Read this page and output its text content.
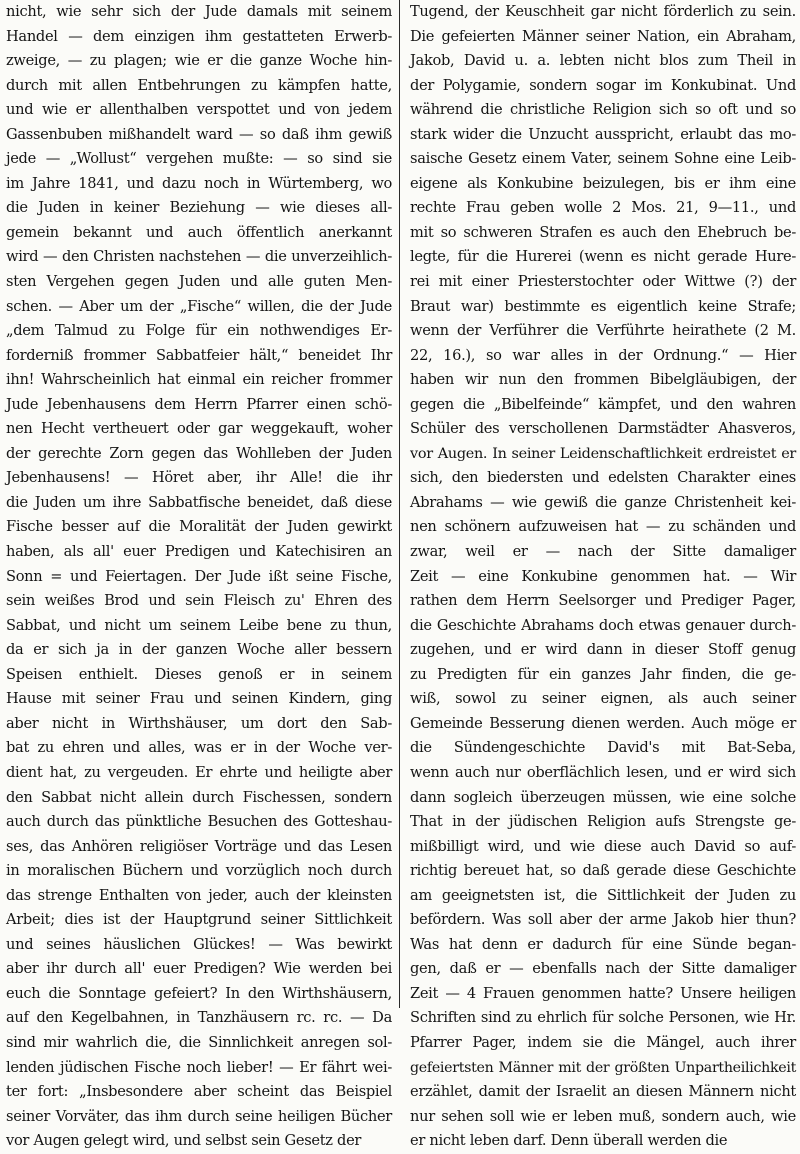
nicht, wie sehr sich der Jude damals mit seinem
Handel — dem einzigen ihm gestatteten Erwerb-
zweige, — zu plagen; wie er die ganze Woche hin-
durch mit allen Entbehrungen zu kämpfen hatte,
und wie er allenthalben verspottet und von jedem
Gassenbuben mißhandelt ward — so daß ihm gewiß
jede — „Wollust“ vergehen mußte: — so sind sie
im Jahre 1841, und dazu noch in Würtemberg, wo
die Juden in keiner Beziehung — wie dieses all-
gemein bekannt und auch öffentlich anerkannt
wird — den Christen nachstehen — die unverzeihlich-
sten Vergehen gegen Juden und alle guten Men-
schen. — Aber um der „Fische“ willen, die der Jude
„dem Talmud zu Folge für ein nothwendiges Er-
forderniß frommer Sabbatfeier hält,“ beneidet Ihr
ihn! Wahrscheinlich hat einmal ein reicher frommer
Jude Jebenhausens dem Herrn Pfarrer einen schö-
nen Hecht vertheuert oder gar weggekauft, woher
der gerechte Zorn gegen das Wohlleben der Juden
Jebenhausens! — Höret aber, ihr Alle! die ihr
die Juden um ihre Sabbatfische beneidet, daß diese
Fische besser auf die Moralität der Juden gewirkt
haben, als all' euer Predigen und Katechisiren an
Sonn = und Feiertagen. Der Jude ißt seine Fische,
sein weißes Brod und sein Fleisch zu' Ehren des
Sabbat, und nicht um seinem Leibe bene zu thun,
da er sich ja in der ganzen Woche aller bessern
Speisen enthielt. Dieses genoß er in seinem
Hause mit seiner Frau und seinen Kindern, ging
aber nicht in Wirthshäuser, um dort den Sab-
bat zu ehren und alles, was er in der Woche ver-
dient hat, zu vergeuden. Er ehrte und heiligte aber
den Sabbat nicht allein durch Fischessen, sondern
auch durch das pünktliche Besuchen des Gotteshau-
ses, das Anhören religiöser Vorträge und das Lesen
in moralischen Büchern und vorzüglich noch durch
das strenge Enthalten von jeder, auch der kleinsten
Arbeit; dies ist der Hauptgrund seiner Sittlichkeit
und seines häuslichen Glückes! — Was bewirkt
aber ihr durch all' euer Predigen? Wie werden bei
euch die Sonntage gefeiert? In den Wirthshäusern,
auf den Kegelbahnen, in Tanzhäusern rc. rc. — Da
sind mir wahrlich die, die Sinnlichkeit anregen sol-
lenden jüdischen Fische noch lieber! — Er fährt wei-
ter fort: „Insbesondere aber scheint das Beispiel
seiner Vorväter, das ihm durch seine heiligen Bücher
vor Augen gelegt wird, und selbst sein Gesetz der
Tugend, der Keuschheit gar nicht förderlich zu sein.
Die gefeierten Männer seiner Nation, ein Abraham,
Jakob, David u. a. lebten nicht blos zum Theil in
der Polygamie, sondern sogar im Konkubinat. Und
während die christliche Religion sich so oft und so
stark wider die Unzucht ausspricht, erlaubt das mo-
saische Gesetz einem Vater, seinem Sohne eine Leib-
eigene als Konkubine beizulegen, bis er ihm eine
rechte Frau geben wolle 2 Mos. 21, 9—11., und
mit so schweren Strafen es auch den Ehebruch be-
legte, für die Hurerei (wenn es nicht gerade Hure-
rei mit einer Priesterstochter oder Wittwe (?) der
Braut war) bestimmte es eigentlich keine Strafe;
wenn der Verführer die Verführte heirathete (2 M.
22, 16.), so war alles in der Ordnung.“ — Hier
haben wir nun den frommen Bibelgläubigen, der
gegen die „Bibelfeinde“ kämpfet, und den wahren
Schüler des verschollenen Darmstädter Ahasveros,
vor Augen. In seiner Leidenschaftlichkeit erdreistet er
sich, den biedersten und edelsten Charakter eines
Abrahams — wie gewiß die ganze Christenheit kei-
nen schönern aufzuweisen hat — zu schänden und
zwar, weil er — nach der Sitte damaliger
Zeit — eine Konkubine genommen hat. — Wir
rathen dem Herrn Seelsorger und Prediger Pager,
die Geschichte Abrahams doch etwas genauer durch-
zugehen, und er wird dann in dieser Stoff genug
zu Predigten für ein ganzes Jahr finden, die ge-
wiß, sowol zu seiner eignen, als auch seiner
Gemeinde Besserung dienen werden. Auch möge er
die Sündengeschichte David's mit Bat-Seba,
wenn auch nur oberflächlich lesen, und er wird sich
dann sogleich überzeugen müssen, wie eine solche
That in der jüdischen Religion aufs Strengste ge-
mißbilligt wird, und wie diese auch David so auf-
richtig bereuet hat, so daß gerade diese Geschichte
am geeignetsten ist, die Sittlichkeit der Juden zu
befördern. Was soll aber der arme Jakob hier thun?
Was hat denn er dadurch für eine Sünde began-
gen, daß er — ebenfalls nach der Sitte damaliger
Zeit — 4 Frauen genommen hatte? Unsere heiligen
Schriften sind zu ehrlich für solche Personen, wie Hr.
Pfarrer Pager, indem sie die Mängel, auch ihrer
gefeiertsten Männer mit der größten Unpartheilichkeit
erzählet, damit der Israelit an diesen Männern nicht
nur sehen soll wie er leben muß, sondern auch, wie
er nicht leben darf. Denn überall werden die
